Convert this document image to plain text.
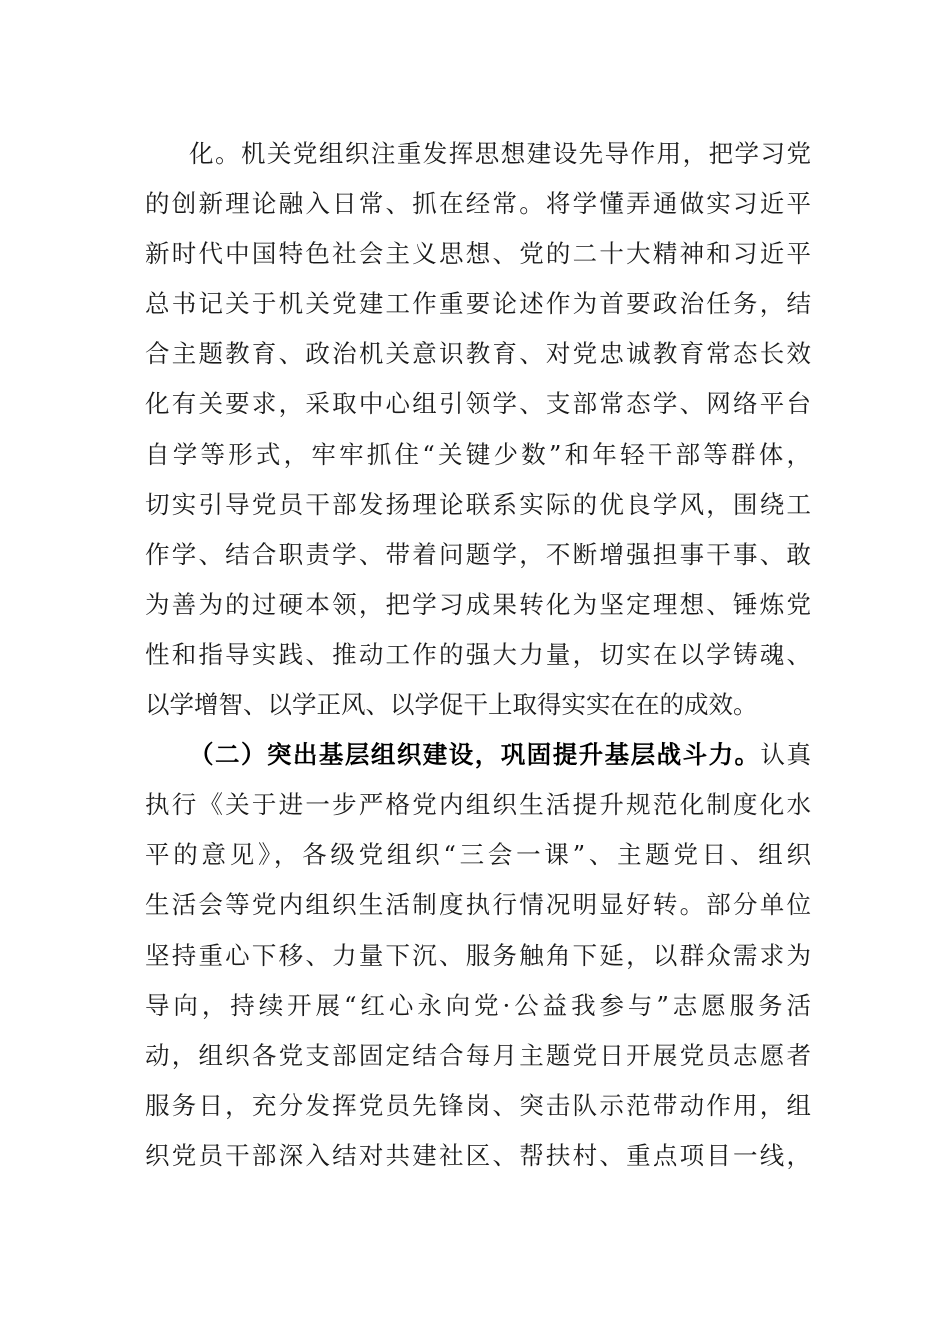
化。机关党组织注重发挥思想建设先导作用，把学习党
的创新理论融入日常、抓在经常。将学懂弄通做实习近平
新时代中国特色社会主义思想、党的二十大精神和习近平
总书记关于机关党建工作重要论述作为首要政治任务，结
合主题教育、政治机关意识教育、对党忠诚教育常态长效
化有关要求，采取中心组引领学、支部常态学、网络平台
自学等形式，牢牢抓住“关键少数”和年轻干部等群体，
切实引导党员干部发扬理论联系实际的优良学风，围绕工
作学、结合职责学、带着问题学，不断增强担事干事、敢
为善为的过硬本领，把学习成果转化为坚定理想、锤炼党
性和指导实践、推动工作的强大力量，切实在以学铸魂、
以学增智、以学正风、以学促干上取得实实在在的成效。
（二）突出基层组织建设，巩固提升基层战斗力。认真
执行《关于进一步严格党内组织生活提升规范化制度化水
平的意见》，各级党组织“三会一课”、主题党日、组织
生活会等党内组织生活制度执行情况明显好转。部分单位
坚持重心下移、力量下沉、服务触角下延，以群众需求为
导向，持续开展“红心永向党·公益我参与”志愿服务活
动，组织各党支部固定结合每月主题党日开展党员志愿者
服务日，充分发挥党员先锋岗、突击队示范带动作用，组
织党员干部深入结对共建社区、帮扶村、重点项目一线，
